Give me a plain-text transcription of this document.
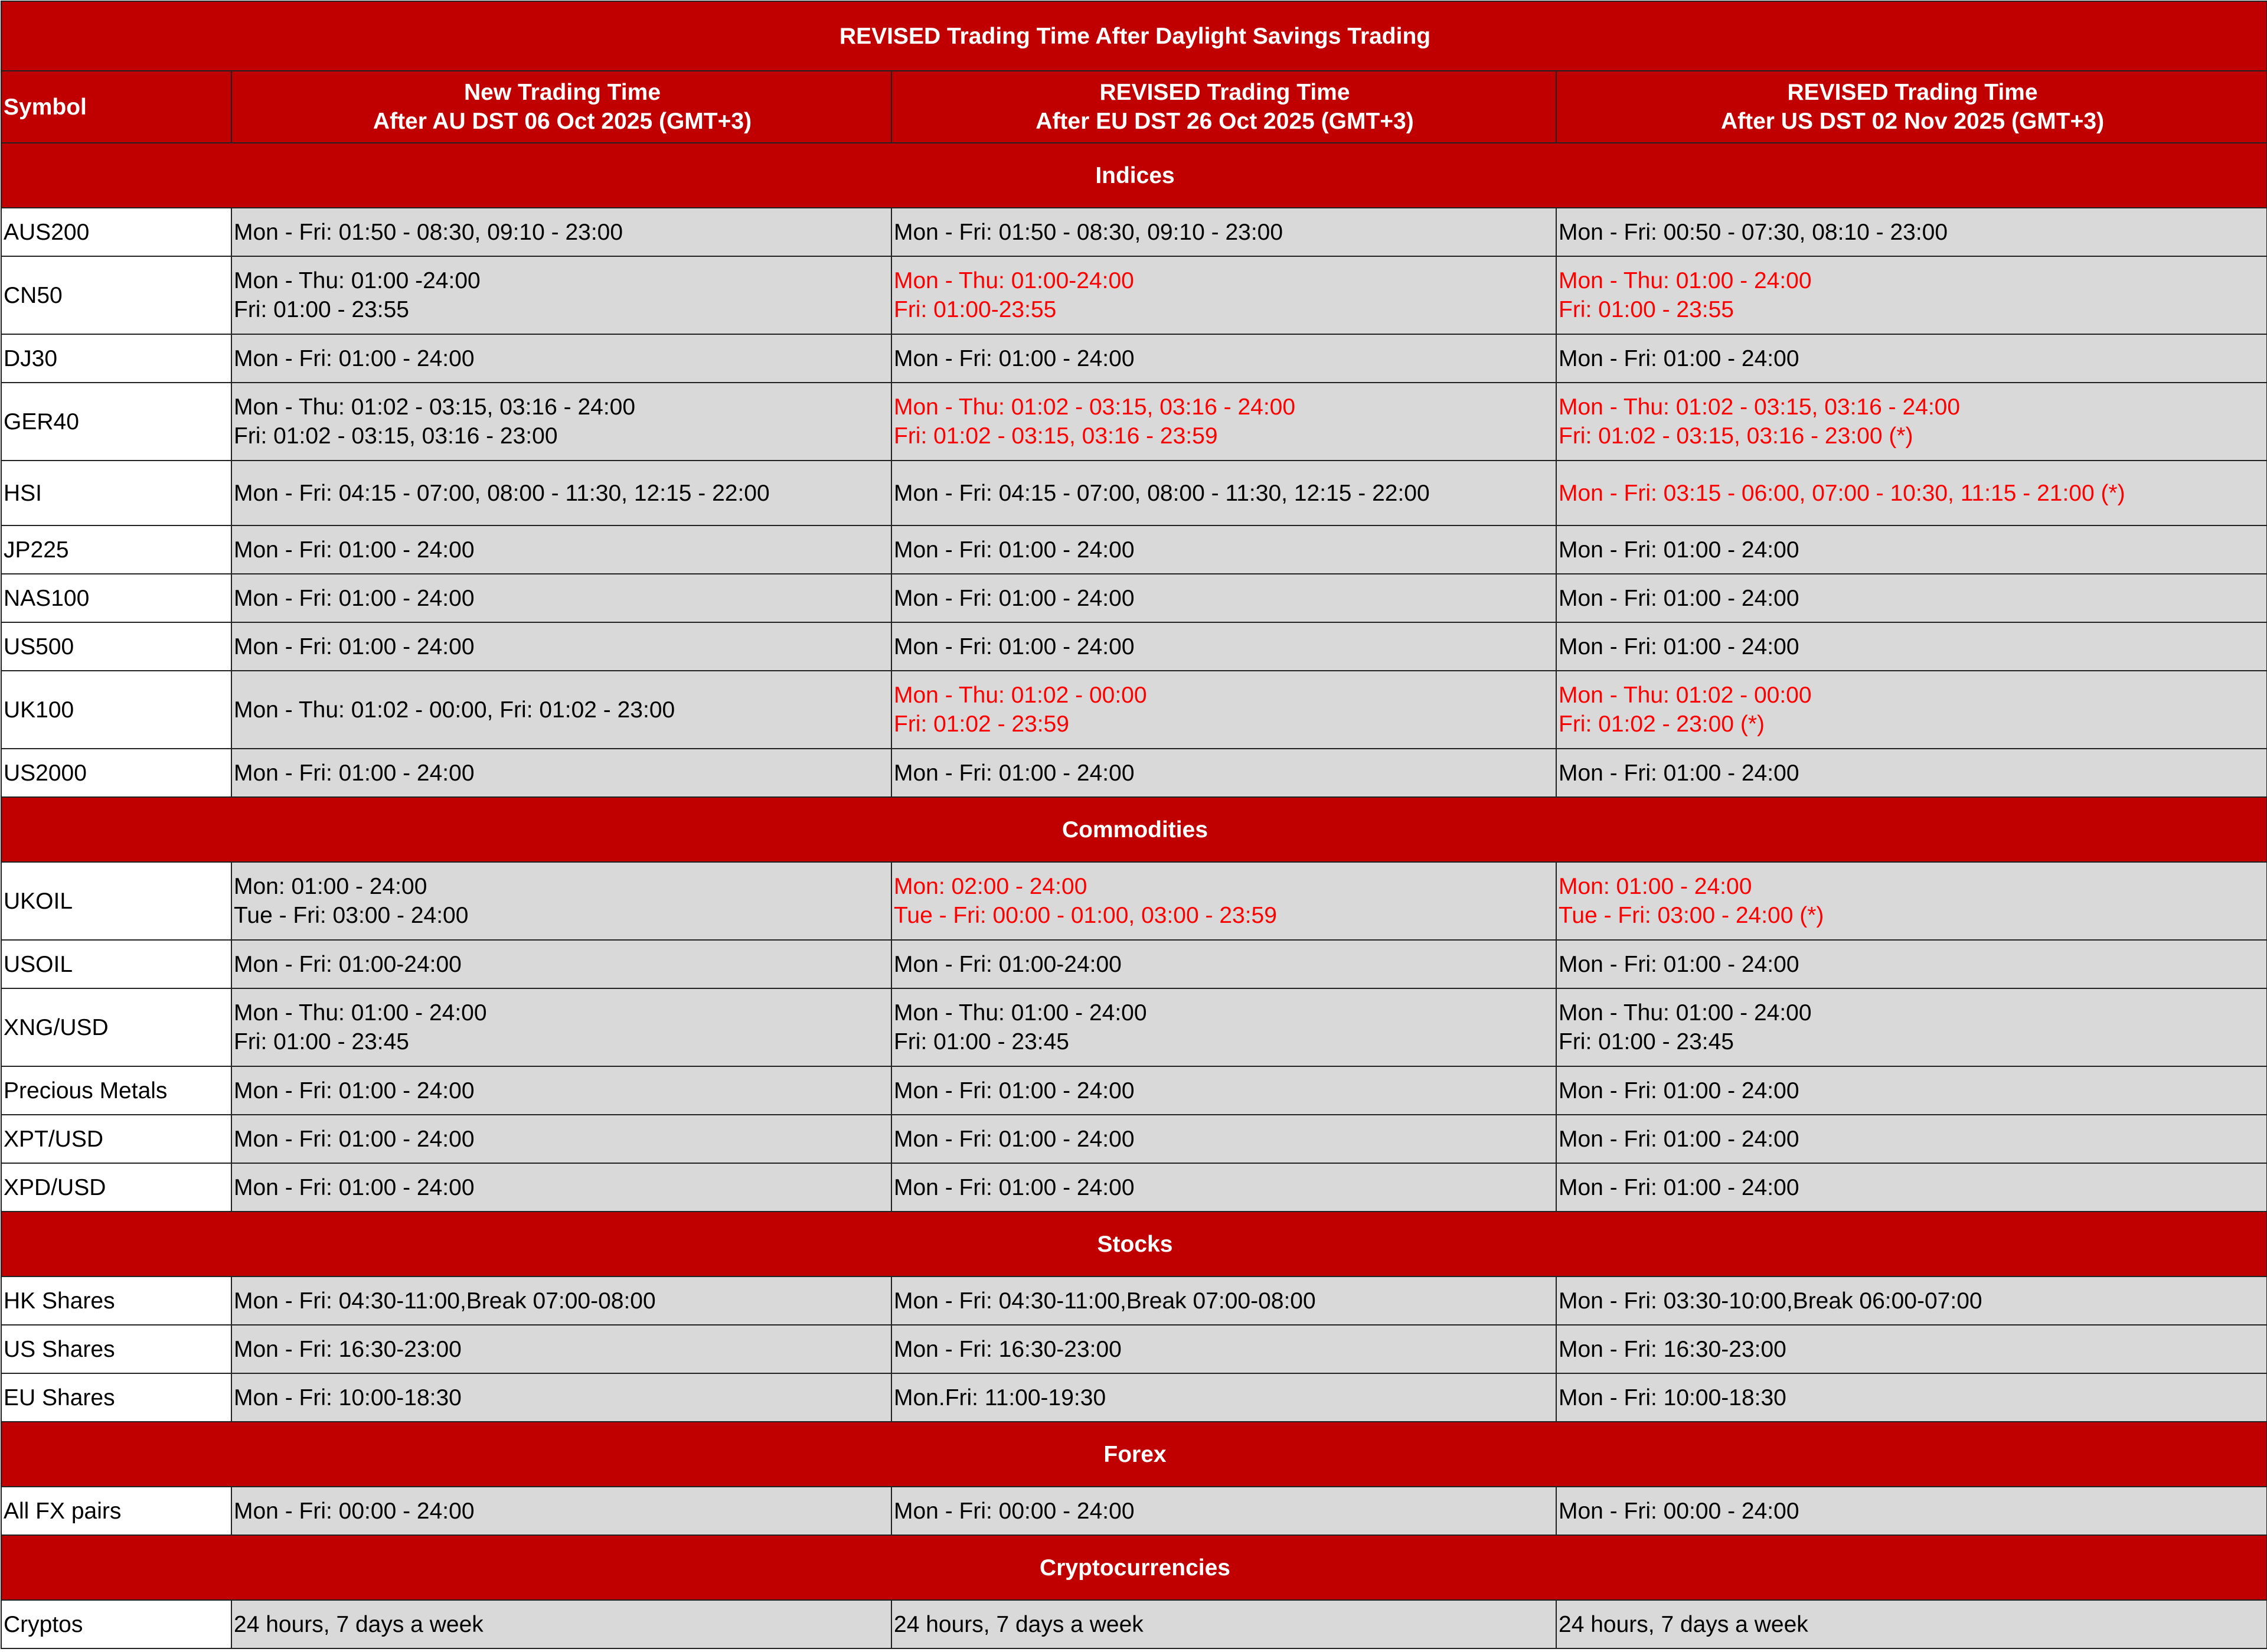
REVISED Trading Time After Daylight Savings Trading			
Symbol	New Trading Time
After AU DST 06 Oct 2025 (GMT+3)	REVISED Trading Time
After EU DST 26 Oct 2025 (GMT+3)	REVISED Trading Time
After US DST 02 Nov 2025 (GMT+3)

Indices			
AUS200	Mon - Fri: 01:50 - 08:30, 09:10 - 23:00	Mon - Fri: 01:50 - 08:30, 09:10 - 23:00	Mon - Fri: 00:50 - 07:30, 08:10 - 23:00

CN50	Mon - Thu: 01:00 -24:00
Fri: 01:00 - 23:55	Mon - Thu: 01:00-24:00
Fri: 01:00-23:55	Mon - Thu: 01:00 - 24:00
Fri: 01:00 - 23:55

DJ30	Mon - Fri: 01:00 - 24:00	Mon - Fri: 01:00 - 24:00	Mon - Fri: 01:00 - 24:00

GER40	Mon - Thu: 01:02 - 03:15, 03:16 - 24:00
Fri: 01:02 - 03:15, 03:16 - 23:00	Mon - Thu: 01:02 - 03:15, 03:16 - 24:00
Fri: 01:02 - 03:15, 03:16 - 23:59	Mon - Thu: 01:02 - 03:15, 03:16 - 24:00
Fri: 01:02 - 03:15, 03:16 - 23:00 (*)

HSI	Mon - Fri: 04:15 - 07:00, 08:00 - 11:30, 12:15 - 22:00	Mon - Fri: 04:15 - 07:00, 08:00 - 11:30, 12:15 - 22:00	Mon - Fri: 03:15 - 06:00, 07:00 - 10:30, 11:15 - 21:00 (*)

JP225	Mon - Fri: 01:00 - 24:00	Mon - Fri: 01:00 - 24:00	Mon - Fri: 01:00 - 24:00

NAS100	Mon - Fri: 01:00 - 24:00	Mon - Fri: 01:00 - 24:00	Mon - Fri: 01:00 - 24:00

US500	Mon - Fri: 01:00 - 24:00	Mon - Fri: 01:00 - 24:00	Mon - Fri: 01:00 - 24:00

UK100	Mon - Thu: 01:02 - 00:00, Fri: 01:02 - 23:00	Mon - Thu: 01:02 - 00:00
Fri: 01:02 - 23:59	Mon - Thu: 01:02 - 00:00
Fri: 01:02 - 23:00 (*)

US2000	Mon - Fri: 01:00 - 24:00	Mon - Fri: 01:00 - 24:00	Mon - Fri: 01:00 - 24:00

Commodities			
UKOIL	Mon: 01:00 - 24:00
Tue - Fri: 03:00 - 24:00	Mon: 02:00 - 24:00
Tue - Fri: 00:00 - 01:00, 03:00 - 23:59	Mon: 01:00 - 24:00
Tue - Fri: 03:00 - 24:00 (*)

USOIL	Mon - Fri: 01:00-24:00	Mon - Fri: 01:00-24:00	Mon - Fri: 01:00 - 24:00

XNG/USD	Mon - Thu: 01:00 - 24:00
Fri: 01:00 - 23:45	Mon - Thu: 01:00 - 24:00
Fri: 01:00 - 23:45	Mon - Thu: 01:00 - 24:00
Fri: 01:00 - 23:45

Precious Metals	Mon - Fri: 01:00 - 24:00	Mon - Fri: 01:00 - 24:00	Mon - Fri: 01:00 - 24:00

XPT/USD	Mon - Fri: 01:00 - 24:00	Mon - Fri: 01:00 - 24:00	Mon - Fri: 01:00 - 24:00

XPD/USD	Mon - Fri: 01:00 - 24:00	Mon - Fri: 01:00 - 24:00	Mon - Fri: 01:00 - 24:00

Stocks			
HK Shares	Mon - Fri: 04:30-11:00,Break 07:00-08:00	Mon - Fri: 04:30-11:00,Break 07:00-08:00	Mon - Fri: 03:30-10:00,Break 06:00-07:00

US Shares	Mon - Fri: 16:30-23:00	Mon - Fri: 16:30-23:00	Mon - Fri: 16:30-23:00

EU Shares	Mon - Fri: 10:00-18:30	Mon.Fri: 11:00-19:30	Mon - Fri: 10:00-18:30

Forex			
All FX pairs	Mon - Fri: 00:00 - 24:00	Mon - Fri: 00:00 - 24:00	Mon - Fri: 00:00 - 24:00

Cryptocurrencies			
Cryptos	24 hours, 7 days a week	24 hours, 7 days a week	24 hours, 7 days a week
